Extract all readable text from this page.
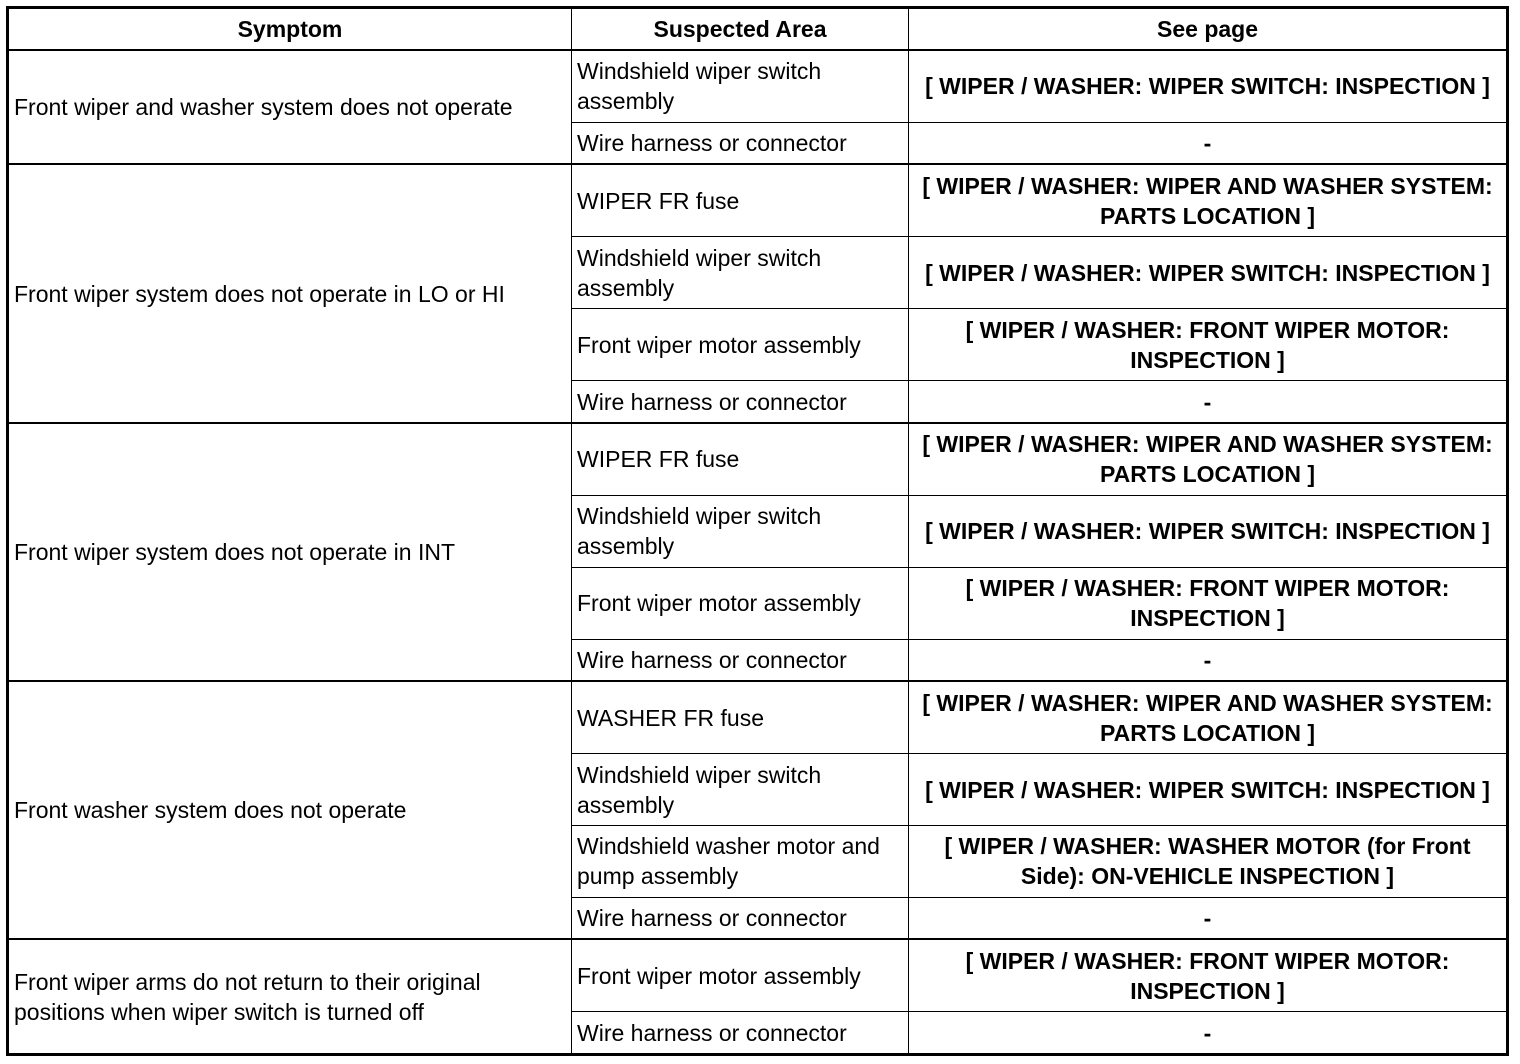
Symptom	Suspected Area	See page
Front wiper and washer system does not operate	Windshield wiper switch assembly	[ WIPER / WASHER: WIPER SWITCH: INSPECTION ]
	Wire harness or connector	-
Front wiper system does not operate in LO or HI	WIPER FR fuse	[ WIPER / WASHER: WIPER AND WASHER SYSTEM: PARTS LOCATION ]
	Windshield wiper switch assembly	[ WIPER / WASHER: WIPER SWITCH: INSPECTION ]
	Front wiper motor assembly	[ WIPER / WASHER: FRONT WIPER MOTOR: INSPECTION ]
	Wire harness or connector	-
Front wiper system does not operate in INT	WIPER FR fuse	[ WIPER / WASHER: WIPER AND WASHER SYSTEM: PARTS LOCATION ]
	Windshield wiper switch assembly	[ WIPER / WASHER: WIPER SWITCH: INSPECTION ]
	Front wiper motor assembly	[ WIPER / WASHER: FRONT WIPER MOTOR: INSPECTION ]
	Wire harness or connector	-
Front washer system does not operate	WASHER FR fuse	[ WIPER / WASHER: WIPER AND WASHER SYSTEM: PARTS LOCATION ]
	Windshield wiper switch assembly	[ WIPER / WASHER: WIPER SWITCH: INSPECTION ]
	Windshield washer motor and pump assembly	[ WIPER / WASHER: WASHER MOTOR (for Front Side): ON-VEHICLE INSPECTION ]
	Wire harness or connector	-
Front wiper arms do not return to their original positions when wiper switch is turned off	Front wiper motor assembly	[ WIPER / WASHER: FRONT WIPER MOTOR: INSPECTION ]
	Wire harness or connector	-
